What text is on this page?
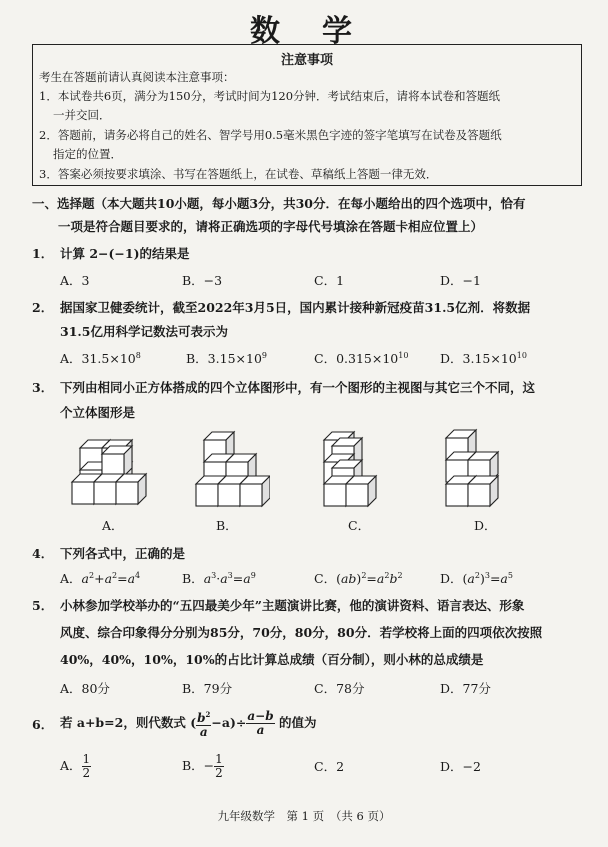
数　学
注意事项
考生在答题前请认真阅读本注意事项：
1．本试卷共6页，满分为150分，考试时间为120分钟．考试结束后，请将本试卷和答题纸
一并交回．
2．答题前，请务必将自己的姓名、智学号用0.5毫米黑色字迹的签字笔填写在试卷及答题纸
指定的位置．
3．答案必须按要求填涂、书写在答题纸上，在试卷、草稿纸上答题一律无效．
一、选择题（本大题共10小题，每小题3分，共30分．在每小题给出的四个选项中，恰有
一项是符合题目要求的，请将正确选项的字母代号填涂在答题卡相应位置上）
1． 计算 2−(−1)的结果是
A．3	B．−3	C．1	D．−1
2． 据国家卫健委统计，截至2022年3月5日，国内累计接种新冠疫苗31.5亿剂．将数据
31.5亿用科学记数法可表示为
A．$31.5\times 10^8$	B．$3.15\times 10^9$	C．$0.315\times 10^{10}$	D．$3.15\times 10^{10}$
3． 下列由相同小正方体搭成的四个立体图形中，有一个图形的主视图与其它三个不同，这
个立体图形是
A．	B．	C．	D．
4． 下列各式中，正确的是
A．$a^2+a^2=a^4$	B．$a^3\cdot a^3=a^9$	C．$(ab)^2=a^2b^2$	D．$(a^2)^3=a^5$
5． 小林参加学校举办的“五四最美少年”主题演讲比赛，他的演讲资料、语言表达、形象
风度、综合印象得分分别为85分，70分，80分，80分．若学校将上面的四项依次按照
40%，40%，10%，10%的占比计算总成绩（百分制），则小林的总成绩是
A．80分	B．79分	C．78分	D．77分
6． 若 a+b=2，则代数式 ( $\frac{b^2}{a} -a)\div \frac{a-b}{a}$ 的值为
A． $\frac{1}{2}$	B．− $\frac{1}{2}$	C．2	D．−2
九年级数学　第 1 页　（共 6 页）
